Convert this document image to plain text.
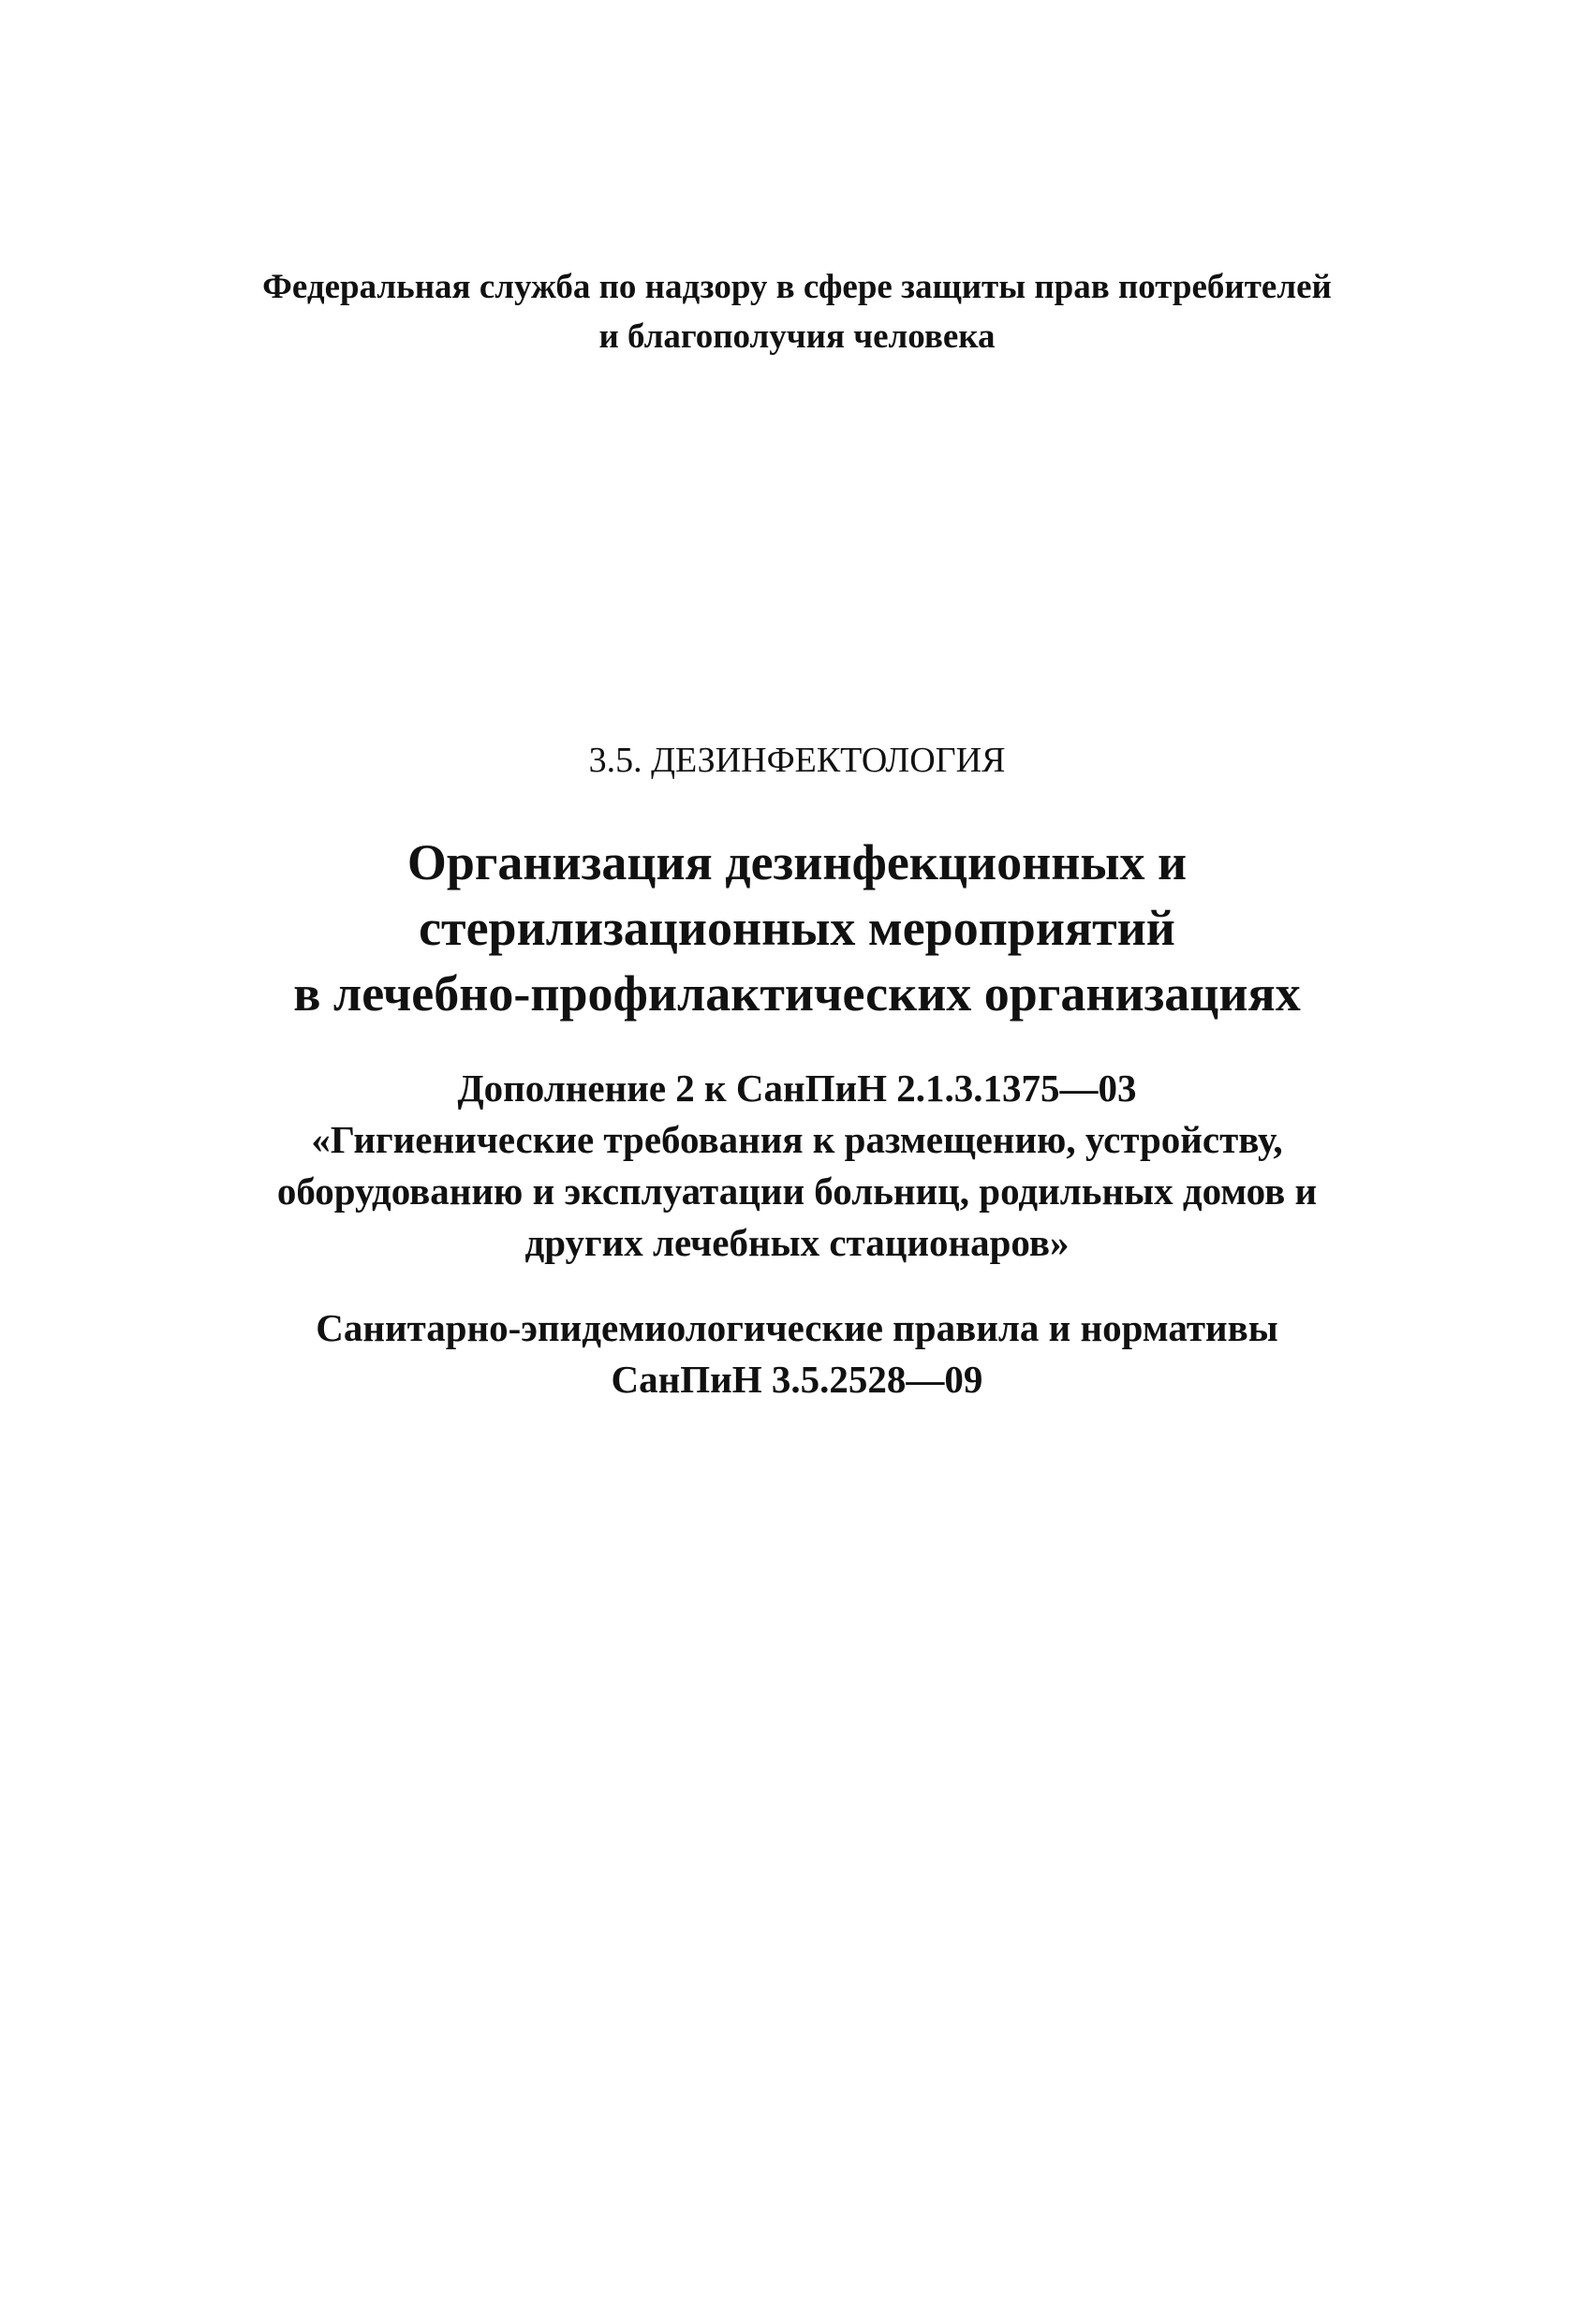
Федеральная служба по надзору в сфере защиты прав потребителей
и благополучия человека
3.5. ДЕЗИНФЕКТОЛОГИЯ
Организация дезинфекционных и
стерилизационных мероприятий
в лечебно-профилактических организациях
Дополнение 2 к СанПиН 2.1.3.1375—03
«Гигиенические требования к размещению, устройству,
оборудованию и эксплуатации больниц, родильных домов и
других лечебных стационаров»
Санитарно-эпидемиологические правила и нормативы
СанПиН 3.5.2528—09
